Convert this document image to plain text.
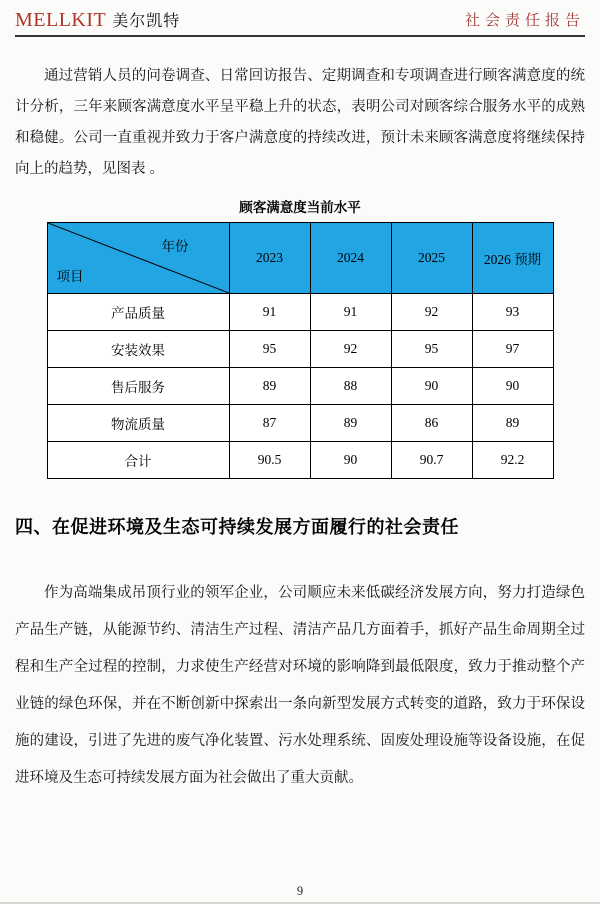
MELLKIT 美尔凯特	社会责任报告

通过营销人员的问卷调查、日常回访报告、定期调查和专项调查进行顾客满意度的统计分析，三年来顾客满意度水平呈平稳上升的状态，表明公司对顾客综合服务水平的成熟和稳健。公司一直重视并致力于客户满意度的持续改进，预计未来顾客满意度将继续保持向上的趋势，见图表 。

顾客满意度当前水平
年份
项目	2023	2024	2025	2026 预期
产品质量	91	91	92	93
安装效果	95	92	95	97
售后服务	89	88	90	90
物流质量	87	89	86	89
合计	90.5	90	90.7	92.2
四、在促进环境及生态可持续发展方面履行的社会责任

作为高端集成吊顶行业的领军企业，公司顺应未来低碳经济发展方向，努力打造绿色产品生产链，从能源节约、清洁生产过程、清洁产品几方面着手，抓好产品生命周期全过程和生产全过程的控制，力求使生产经营对环境的影响降到最低限度，致力于推动整个产业链的绿色环保，并在不断创新中探索出一条向新型发展方式转变的道路，致力于环保设施的建设，引进了先进的废气净化装置、污水处理系统、固废处理设施等设备设施，在促进环境及生态可持续发展方面为社会做出了重大贡献。

9
